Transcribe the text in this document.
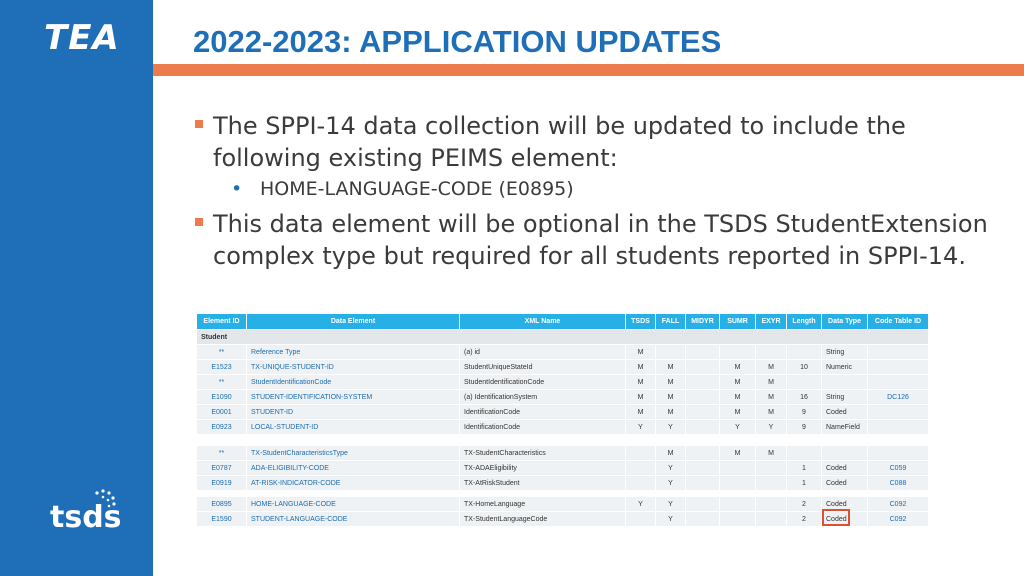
TEA
tsds
2022-2023: APPLICATION UPDATES
The SPPI-14 data collection will be updated to include the following existing PEIMS element:
• HOME-LANGUAGE-CODE (E0895)
This data element will be optional in the TSDS StudentExtension complex type but required for all students reported in SPPI-14.
Element ID	Data Element	XML Name	TSDS	FALL	MIDYR	SUMR	EXYR	Length	Data Type	Code Table ID
Student										
**	Reference Type	(a) id	M						String	
E1523	TX-UNIQUE-STUDENT-ID	StudentUniqueStateId	M	M		M	M	10	Numeric	
**	StudentIdentificationCode	StudentIdentificationCode	M	M		M	M			
E1090	STUDENT-IDENTIFICATION-SYSTEM	(a) IdentificationSystem	M	M		M	M	16	String	DC126
E0001	STUDENT-ID	IdentificationCode	M	M		M	M	9	Coded	
E0923	LOCAL-STUDENT-ID	IdentificationCode	Y	Y		Y	Y	9	NameField	

**	TX-StudentCharacteristicsType	TX-StudentCharacteristics		M		M	M			
E0787	ADA-ELIGIBILITY-CODE	TX-ADAEligibility		Y				1	Coded	C059
E0919	AT-RISK-INDICATOR-CODE	TX-AtRiskStudent		Y				1	Coded	C088

E0895	HOME-LANGUAGE-CODE	TX-HomeLanguage	Y	Y				2	Coded	C092
E1590	STUDENT-LANGUAGE-CODE	TX-StudentLanguageCode		Y				2	Coded	C092
